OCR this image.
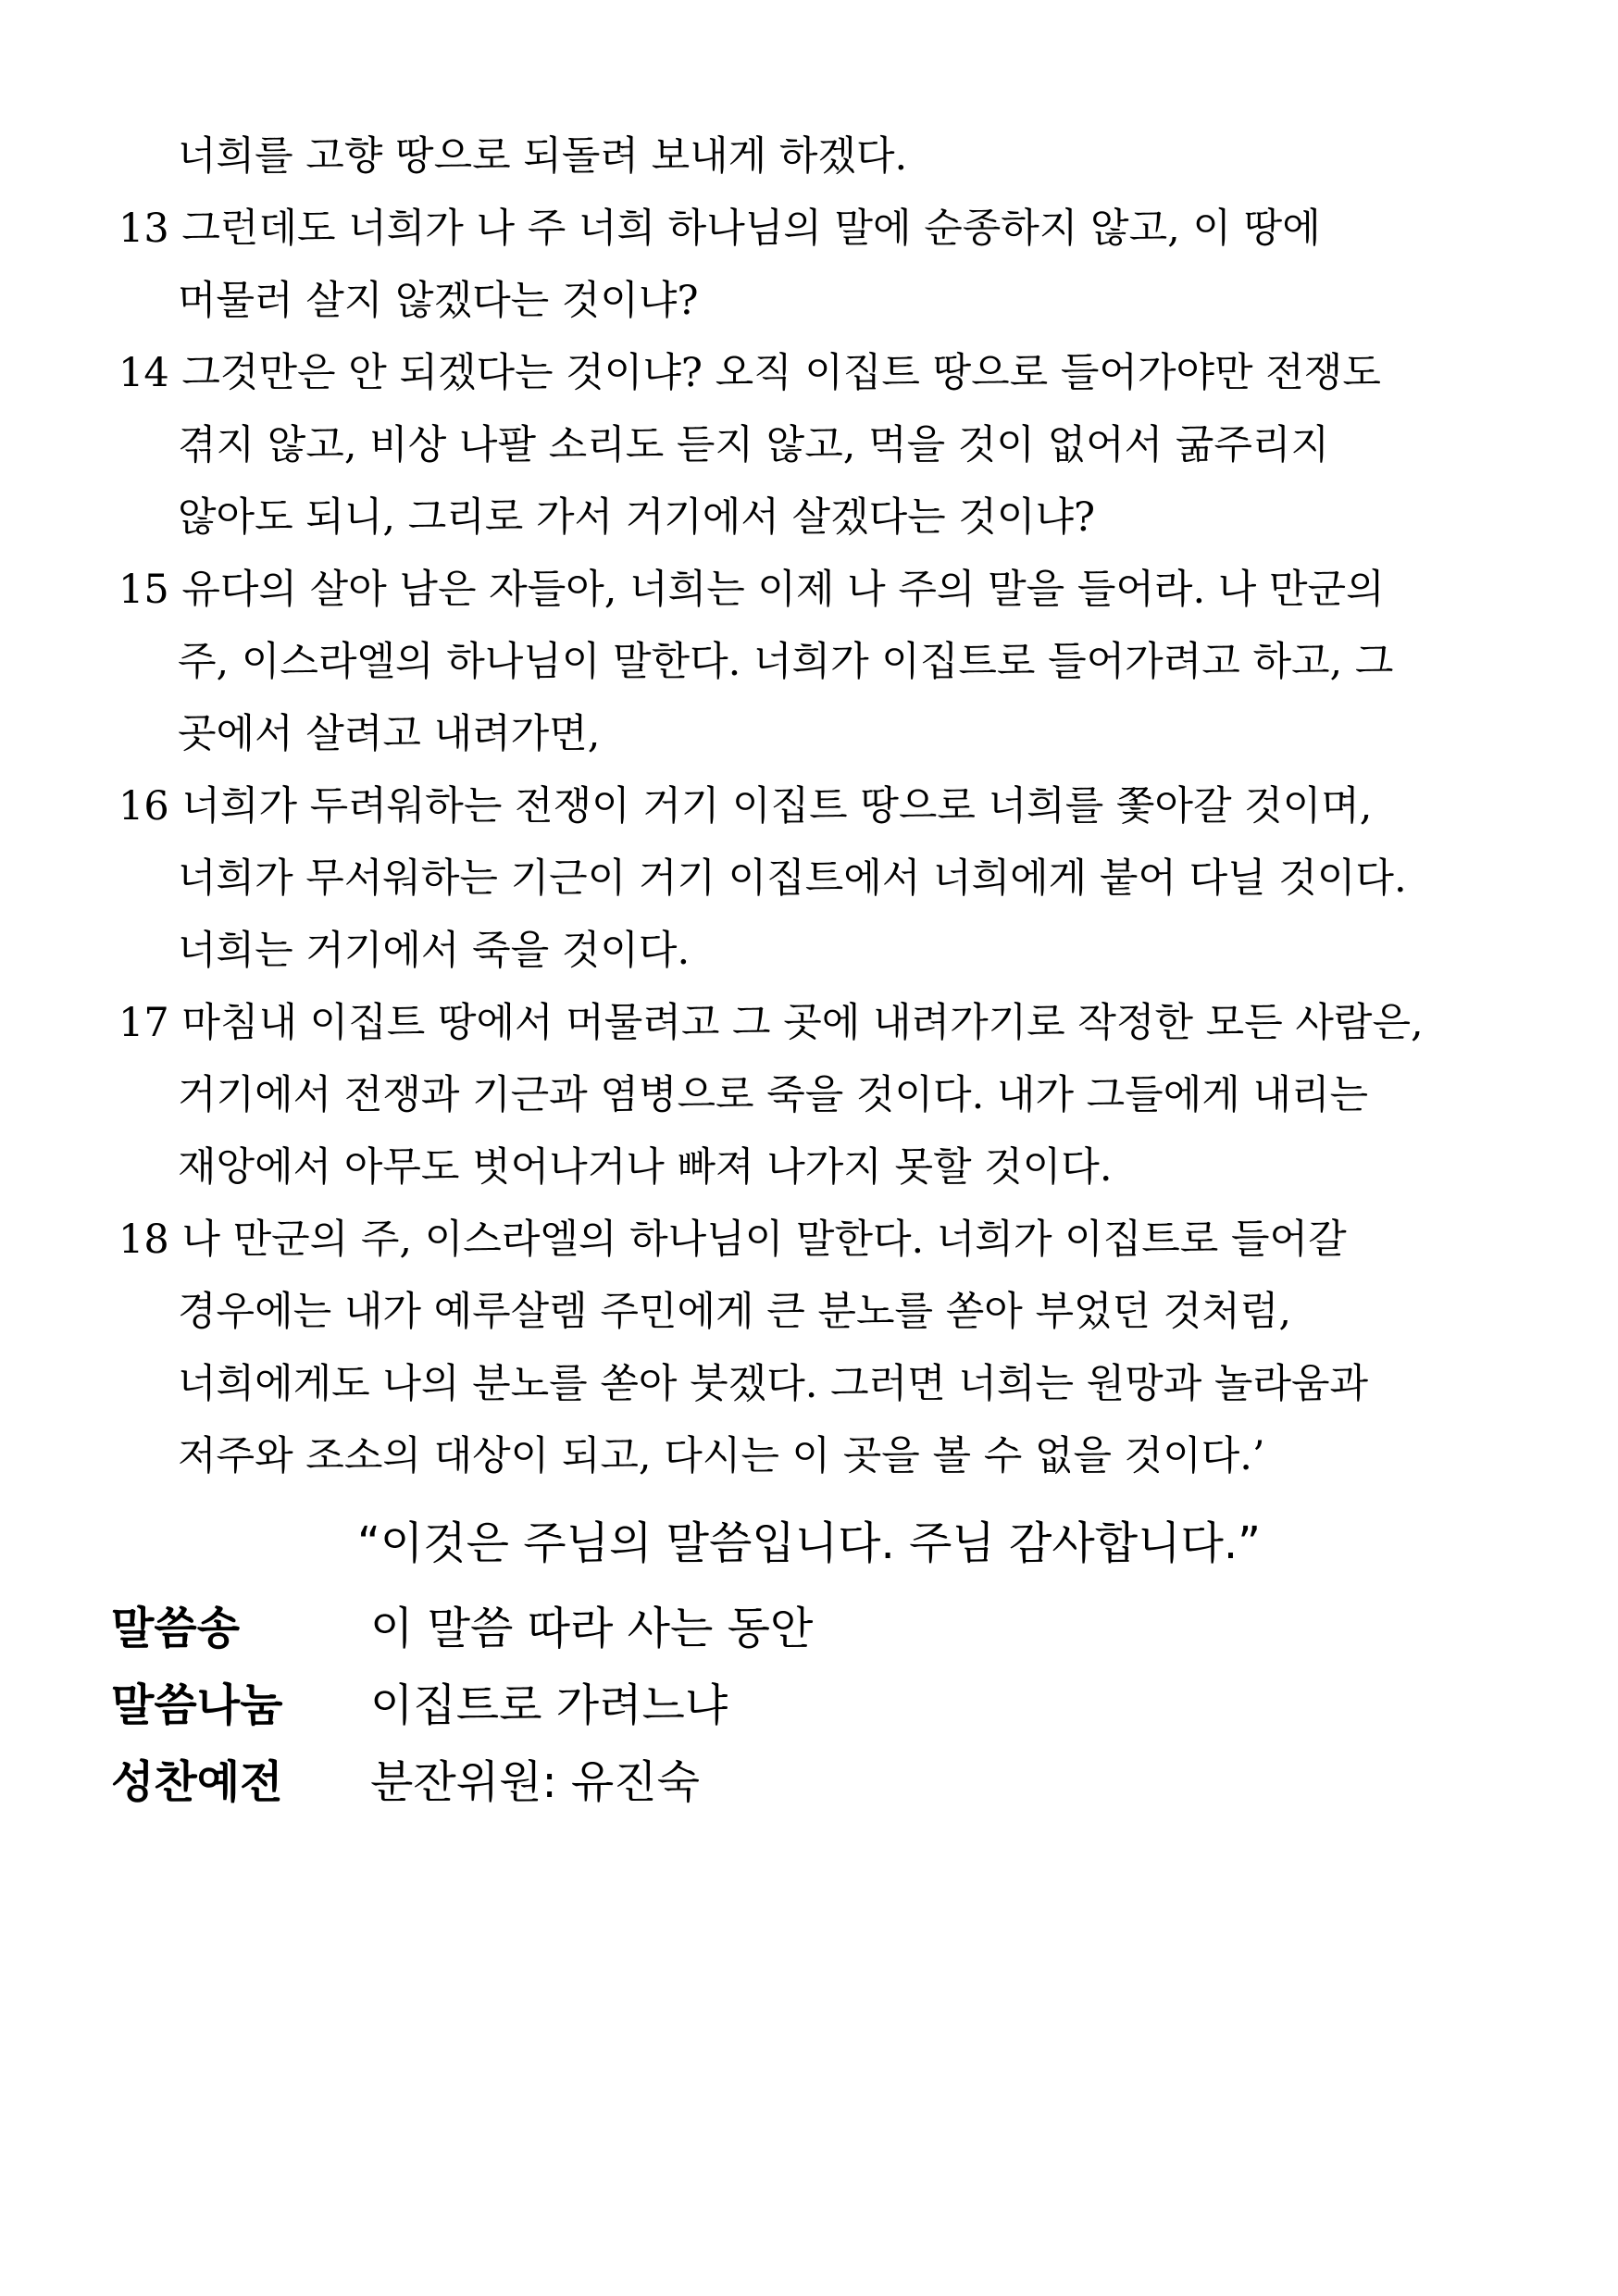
너희를 고향 땅으로 되돌려 보내게 하겠다.
13 그런데도 너희가 나 주 너희 하나님의 말에 순종하지 않고, 이 땅에
머물러 살지 않겠다는 것이냐?
14 그것만은 안 되겠다는 것이냐? 오직 이집트 땅으로 들어가야만 전쟁도
겪지 않고, 비상 나팔 소리도 듣지 않고, 먹을 것이 없어서 굶주리지
않아도 되니, 그리로 가서 거기에서 살겠다는 것이냐?
15 유다의 살아 남은 자들아, 너희는 이제 나 주의 말을 들어라. 나 만군의
주, 이스라엘의 하나님이 말한다. 너희가 이집트로 들어가려고 하고, 그
곳에서 살려고 내려가면,
16 너희가 두려워하는 전쟁이 거기 이집트 땅으로 너희를 쫓아갈 것이며,
너희가 무서워하는 기근이 거기 이집트에서 너희에게 붙어 다닐 것이다.
너희는 거기에서 죽을 것이다.
17 마침내 이집트 땅에서 머물려고 그 곳에 내려가기로 작정한 모든 사람은,
거기에서 전쟁과 기근과 염병으로 죽을 것이다. 내가 그들에게 내리는
재앙에서 아무도 벗어나거나 빠져 나가지 못할 것이다.
18 나 만군의 주, 이스라엘의 하나님이 말한다. 너희가 이집트로 들어갈
경우에는 내가 예루살렘 주민에게 큰 분노를 쏟아 부었던 것처럼,
너희에게도 나의 분노를 쏟아 붓겠다. 그러면 너희는 원망과 놀라움과
저주와 조소의 대상이 되고, 다시는 이 곳을 볼 수 없을 것이다.’
“이것은 주님의 말씀입니다. 주님 감사합니다.”
말씀송	이 말씀 따라 사는 동안
말씀나눔	이집트로 가려느냐
성찬예전	분잔위원: 유진숙
